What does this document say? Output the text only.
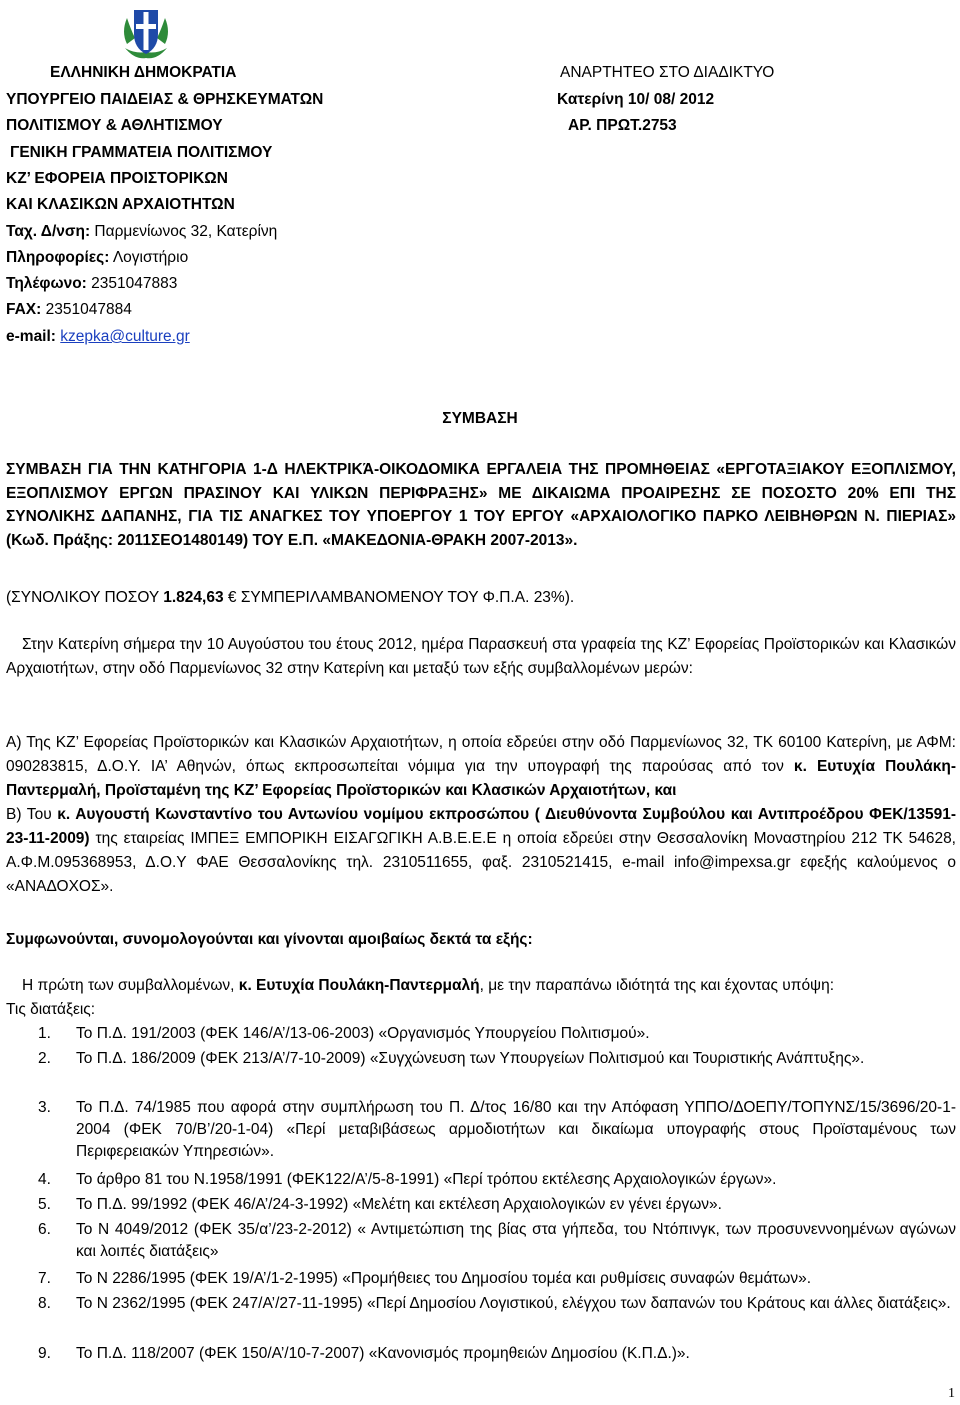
ΕΛΛΗΝΙΚΗ ΔΗΜΟΚΡΑΤΙΑ
ΥΠΟΥΡΓΕΙΟ ΠΑΙΔΕΙΑΣ & ΘΡΗΣΚΕΥΜΑΤΩΝ
ΠΟΛΙΤΙΣΜΟΥ & ΑΘΛΗΤΙΣΜΟΥ
ΓΕΝΙΚΗ ΓΡΑΜΜΑΤΕΙΑ ΠΟΛΙΤΙΣΜΟΥ
ΚΖ’ ΕΦΟΡΕΙΑ ΠΡΟΙΣΤΟΡΙΚΩΝ
ΚΑΙ ΚΛΑΣΙΚΩΝ ΑΡΧΑΙΟΤΗΤΩΝ
Ταχ. Δ/νση: Παρμενίωνος 32, Κατερίνη
Πληροφορίες: Λογιστήριο
Τηλέφωνο: 2351047883
FAX: 2351047884
e-mail: kzepka@culture.gr
ΑΝΑΡΤΗΤΕΟ ΣΤΟ ΔΙΑΔΙΚΤΥΟ
Κατερίνη 10/ 08/ 2012
ΑΡ. ΠΡΩΤ.2753
ΣΥΜΒΑΣΗ
ΣΥΜΒΑΣΗ ΓΙΑ ΤΗΝ ΚΑΤΗΓΟΡΙΑ 1-Δ ΗΛΕΚΤΡΙΚΆ-ΟΙΚΟΔΟΜΙΚΑ ΕΡΓΑΛΕΙΑ ΤΗΣ ΠΡΟΜΗΘΕΙΑΣ «ΕΡΓΟΤΑΞΙΑΚΟΥ ΕΞΟΠΛΙΣΜΟΥ, ΕΞΟΠΛΙΣΜΟΥ ΕΡΓΩΝ ΠΡΑΣΙΝΟΥ ΚΑΙ ΥΛΙΚΩΝ ΠΕΡΙΦΡΑΞΗΣ» ΜΕ ΔΙΚΑΙΩΜΑ ΠΡΟΑΙΡΕΣΗΣ ΣΕ ΠΟΣΟΣΤΟ 20% ΕΠΙ ΤΗΣ ΣΥΝΟΛΙΚΗΣ ΔΑΠΑΝΗΣ, ΓΙΑ ΤΙΣ ΑΝΑΓΚΕΣ ΤΟΥ ΥΠΟΕΡΓΟΥ 1 ΤΟΥ ΕΡΓΟΥ «ΑΡΧΑΙΟΛΟΓΙΚΟ ΠΑΡΚΟ ΛΕΙΒΗΘΡΩΝ Ν. ΠΙΕΡΙΑΣ» (Κωδ. Πράξης: 2011ΣΕΟ1480149) ΤΟΥ Ε.Π. «ΜΑΚΕΔΟΝΙΑ-ΘΡΑΚΗ 2007-2013».
(ΣΥΝΟΛΙΚΟΥ ΠΟΣΟΥ 1.824,63 € ΣΥΜΠΕΡΙΛΑΜΒΑΝΟΜΕΝΟΥ ΤΟΥ Φ.Π.Α. 23%).
Στην Κατερίνη σήμερα την 10 Αυγούστου του έτους 2012, ημέρα Παρασκευή στα γραφεία της ΚΖ’ Εφορείας Προϊστορικών και Κλασικών Αρχαιοτήτων, στην οδό Παρμενίωνος 32 στην Κατερίνη και μεταξύ των εξής συμβαλλομένων μερών:
Α) Της ΚΖ’ Εφορείας Προϊστορικών και Κλασικών Αρχαιοτήτων, η οποία εδρεύει στην οδό Παρμενίωνος 32, ΤΚ 60100 Κατερίνη, με ΑΦΜ: 090283815, Δ.Ο.Υ. ΙΑ’ Αθηνών, όπως εκπροσωπείται νόμιμα για την υπογραφή της παρούσας από τον κ. Ευτυχία Πουλάκη-Παντερμαλή, Προϊσταμένη της ΚΖ’ Εφορείας Προϊστορικών και Κλασικών Αρχαιοτήτων, και
Β) Του κ. Αυγουστή Κωνσταντίνο του Αντωνίου νομίμου εκπροσώπου ( Διευθύνοντα Συμβούλου και Αντιπροέδρου ΦΕΚ/13591-23-11-2009) της εταιρείας ΙΜΠΕΞ ΕΜΠΟΡΙΚΗ ΕΙΣΑΓΩΓΙΚΗ Α.Β.Ε.Ε.Ε η οποία εδρεύει στην Θεσσαλονίκη Μοναστηρίου 212 ΤΚ 54628, Α.Φ.Μ.095368953, Δ.Ο.Υ ΦΑΕ Θεσσαλονίκης τηλ. 2310511655, φαξ. 2310521415, e-mail info@impexsa.gr εφεξής καλούμενος ο «ΑΝΑΔΟΧΟΣ».
Συμφωνούνται, συνομολογούνται και γίνονται αμοιβαίως δεκτά τα εξής:
Η πρώτη των συμβαλλομένων, κ. Ευτυχία Πουλάκη-Παντερμαλή, με την παραπάνω ιδιότητά της και έχοντας υπόψη:
Τις διατάξεις:
1.	Το Π.Δ. 191/2003 (ΦΕΚ 146/Α’/13-06-2003) «Οργανισμός Υπουργείου Πολιτισμού».
2.	Το Π.Δ. 186/2009 (ΦΕΚ 213/Α’/7-10-2009) «Συγχώνευση των Υπουργείων Πολιτισμού και Τουριστικής Ανάπτυξης».
3.	Το Π.Δ. 74/1985 που αφορά στην συμπλήρωση του Π. Δ/τος 16/80 και την Απόφαση ΥΠΠΟ/ΔΟΕΠΥ/ΤΟΠΥΝΣ/15/3696/20-1-2004 (ΦΕΚ 70/Β’/20-1-04) «Περί μεταβιβάσεως αρμοδιοτήτων και δικαίωμα υπογραφής στους Προϊσταμένους των Περιφερειακών Υπηρεσιών».
4.	Το άρθρο 81 του Ν.1958/1991 (ΦΕΚ122/Α’/5-8-1991) «Περί τρόπου εκτέλεσης Αρχαιολογικών έργων».
5.	Το Π.Δ. 99/1992 (ΦΕΚ 46/Α’/24-3-1992) «Μελέτη και εκτέλεση Αρχαιολογικών εν γένει έργων».
6.	Το Ν 4049/2012 (ΦΕΚ 35/α’/23-2-2012) « Αντιμετώπιση της βίας στα γήπεδα, του Ντόπινγκ, των προσυνεννοημένων αγώνων και λοιπές διατάξεις»
7.	Το Ν 2286/1995 (ΦΕΚ 19/Α’/1-2-1995) «Προμήθειες του Δημοσίου τομέα και ρυθμίσεις συναφών θεμάτων».
8.	Το Ν 2362/1995 (ΦΕΚ 247/Α’/27-11-1995) «Περί Δημοσίου Λογιστικού, ελέγχου των δαπανών του Κράτους και άλλες διατάξεις».
9.	Το Π.Δ. 118/2007 (ΦΕΚ 150/Α’/10-7-2007) «Κανονισμός προμηθειών Δημοσίου (Κ.Π.Δ.)».
1
